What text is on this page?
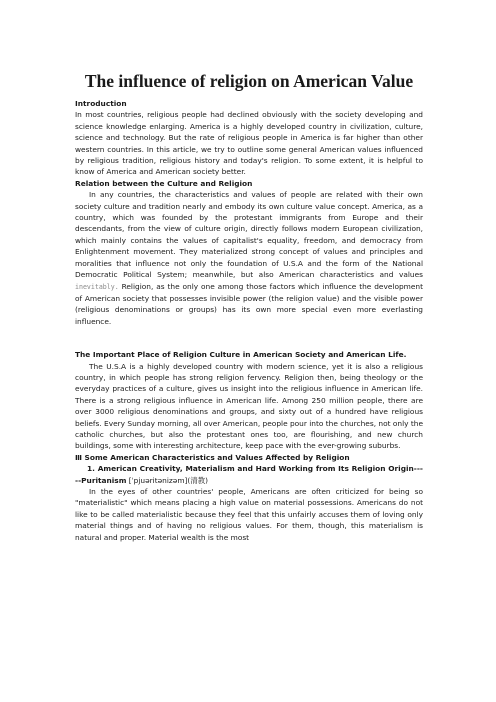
The influence of religion on American Value
Introduction

In most countries, religious people had declined obviously with the society developing and science knowledge enlarging. America is a highly developed country in civilization, culture, science and technology. But the rate of religious people in America is far higher than other western countries. In this article, we try to outline some general American values influenced by religious tradition, religious history and today's religion. To some extent, it is helpful to know of America and American society better.

Relation between the Culture and Religion

In any countries, the characteristics and values of people are related with their own society culture and tradition nearly and embody its own culture value concept. America, as a country, which was founded by the protestant immigrants from Europe and their descendants, from the view of culture origin, directly follows modern European civilization, which mainly contains the values of capitalist's equality, freedom, and democracy from Enlightenment movement. They materialized strong concept of values and principles and moralities that influence not only the foundation of U.S.A and the form of the National Democratic Political System; meanwhile, but also American characteristics and values inevitably. Religion, as the only one among those factors which influence the development of American society that possesses invisible power (the religion value) and the visible power (religious denominations or groups) has its own more special even more everlasting influence.

The Important Place of Religion Culture in American Society and American Life.

The U.S.A is a highly developed country with modern science, yet it is also a religious country, in which people has strong religion fervency. Religion then, being theology or the everyday practices of a culture, gives us insight into the religious influence in American life. There is a strong religious influence in American life. Among 250 million people, there are over 3000 religious denominations and groups, and sixty out of a hundred have religious beliefs. Every Sunday morning, all over American, people pour into the churches, not only the catholic churches, but also the protestant ones too, are flourishing, and new church buildings, some with interesting architecture, keep pace with the ever-growing suburbs.

Ⅲ Some American Characteristics and Values Affected by Religion
1. American Creativity, Materialism and Hard Working from Its Religion Origin-----Puritanism [ˈpjuəritənizəm](清教)

In the eyes of other countries' people, Americans are often criticized for being so "materialistic" which means placing a high value on material possessions. Americans do not like to be called materialistic because they feel that this unfairly accuses them of loving only material things and of having no religious values. For them, though, this materialism is natural and proper. Material wealth is the most
